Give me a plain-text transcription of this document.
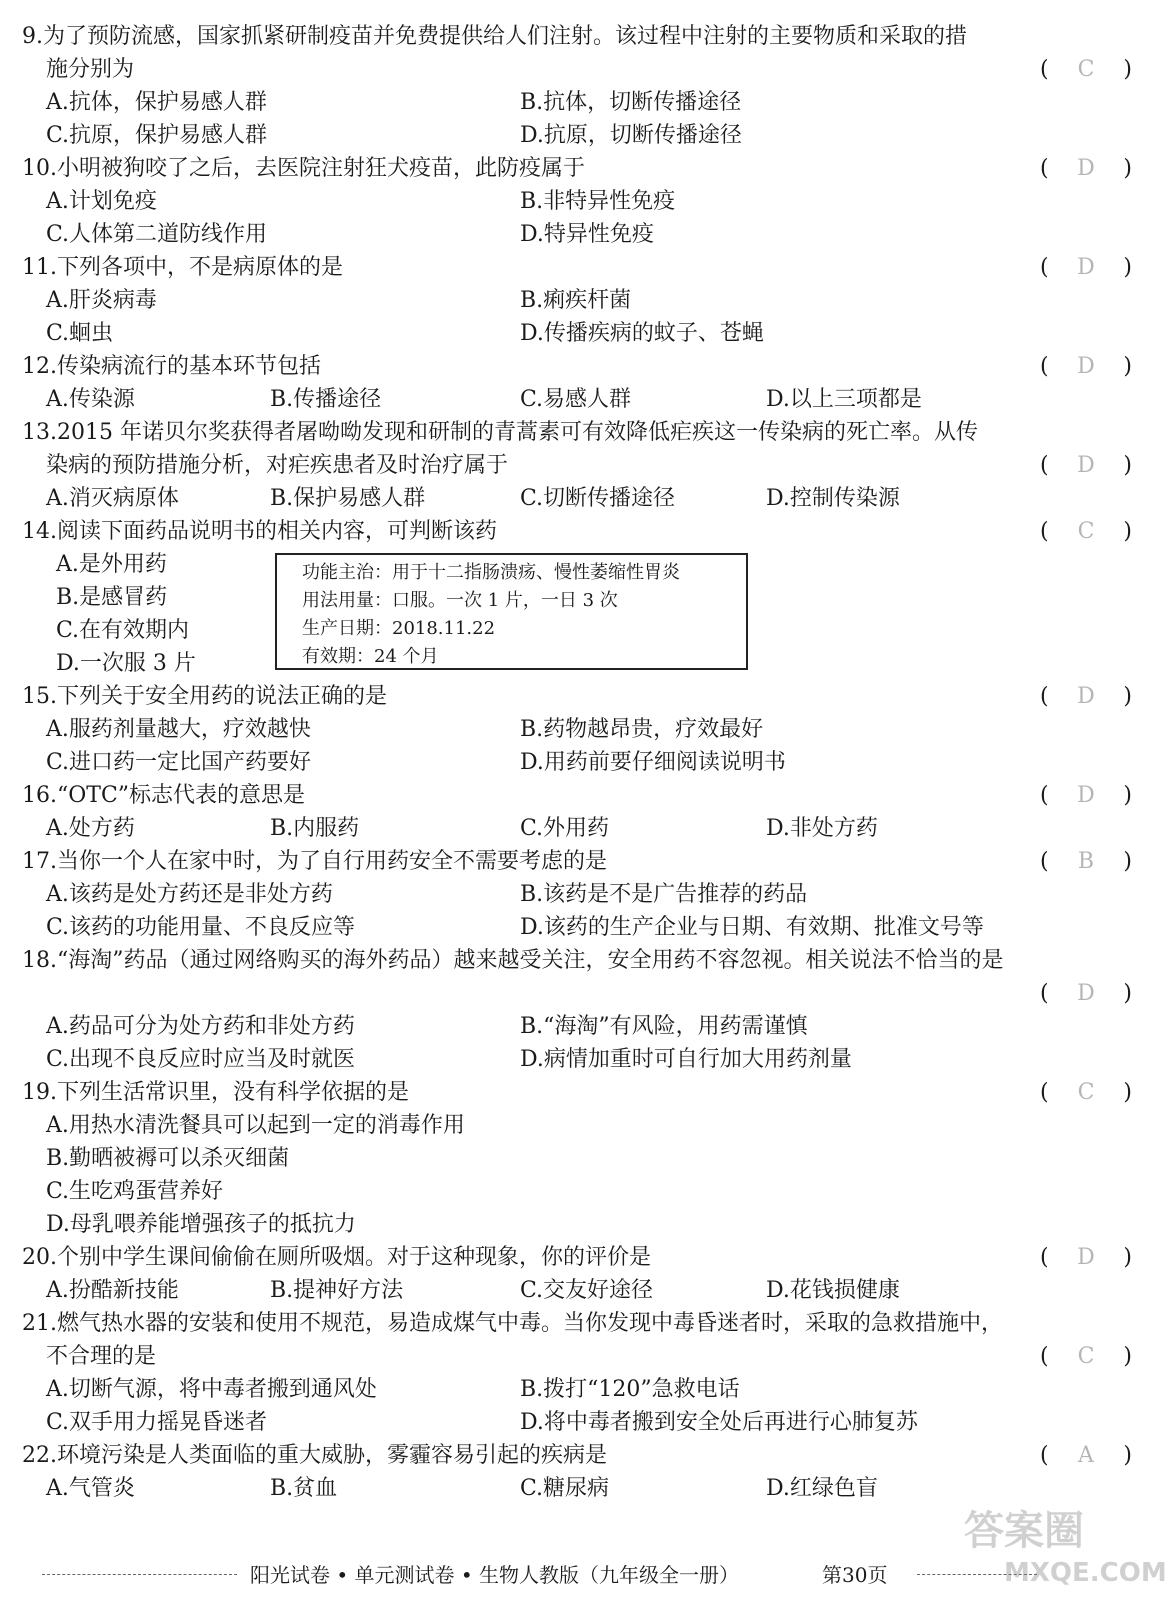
9.为了预防流感，国家抓紧研制疫苗并免费提供给人们注射。该过程中注射的主要物质和采取的措
施分别为	(	C	)
A.抗体，保护易感人群	B.抗体，切断传播途径
C.抗原，保护易感人群	D.抗原，切断传播途径
10.小明被狗咬了之后，去医院注射狂犬疫苗，此防疫属于	(	D	)
A.计划免疫	B.非特异性免疫
C.人体第二道防线作用	D.特异性免疫
11.下列各项中，不是病原体的是	(	D	)
A.肝炎病毒	B.痢疾杆菌
C.蛔虫	D.传播疾病的蚊子、苍蝇
12.传染病流行的基本环节包括	(	D	)
A.传染源	B.传播途径	C.易感人群	D.以上三项都是
13.2015 年诺贝尔奖获得者屠呦呦发现和研制的青蒿素可有效降低疟疾这一传染病的死亡率。从传
染病的预防措施分析，对疟疾患者及时治疗属于	(	D	)
A.消灭病原体	B.保护易感人群	C.切断传播途径	D.控制传染源
14.阅读下面药品说明书的相关内容，可判断该药	(	C	)
A.是外用药
B.是感冒药
C.在有效期内
D.一次服 3 片
功能主治：用于十二指肠溃疡、慢性萎缩性胃炎
用法用量：口服。一次 1 片，一日 3 次
生产日期：2018.11.22
有效期：24 个月
15.下列关于安全用药的说法正确的是	(	D	)
A.服药剂量越大，疗效越快	B.药物越昂贵，疗效最好
C.进口药一定比国产药要好	D.用药前要仔细阅读说明书
16.“OTC”标志代表的意思是	(	D	)
A.处方药	B.内服药	C.外用药	D.非处方药
17.当你一个人在家中时，为了自行用药安全不需要考虑的是	(	B	)
A.该药是处方药还是非处方药	B.该药是不是广告推荐的药品
C.该药的功能用量、不良反应等	D.该药的生产企业与日期、有效期、批准文号等
18.“海淘”药品（通过网络购买的海外药品）越来越受关注，安全用药不容忽视。相关说法不恰当的是
(	D	)
A.药品可分为处方药和非处方药	B.“海淘”有风险，用药需谨慎
C.出现不良反应时应当及时就医	D.病情加重时可自行加大用药剂量
19.下列生活常识里，没有科学依据的是	(	C	)
A.用热水清洗餐具可以起到一定的消毒作用
B.勤晒被褥可以杀灭细菌
C.生吃鸡蛋营养好
D.母乳喂养能增强孩子的抵抗力
20.个别中学生课间偷偷在厕所吸烟。对于这种现象，你的评价是	(	D	)
A.扮酷新技能	B.提神好方法	C.交友好途径	D.花钱损健康
21.燃气热水器的安装和使用不规范，易造成煤气中毒。当你发现中毒昏迷者时，采取的急救措施中，
不合理的是	(	C	)
A.切断气源，将中毒者搬到通风处	B.拨打“120”急救电话
C.双手用力摇晃昏迷者	D.将中毒者搬到安全处后再进行心肺复苏
22.环境污染是人类面临的重大威胁，雾霾容易引起的疾病是	(	A	)
A.气管炎	B.贫血	C.糖尿病	D.红绿色盲
阳光试卷 • 单元测试卷 • 生物人教版（九年级全一册）	第30页
答案圈
MXQE.COM
